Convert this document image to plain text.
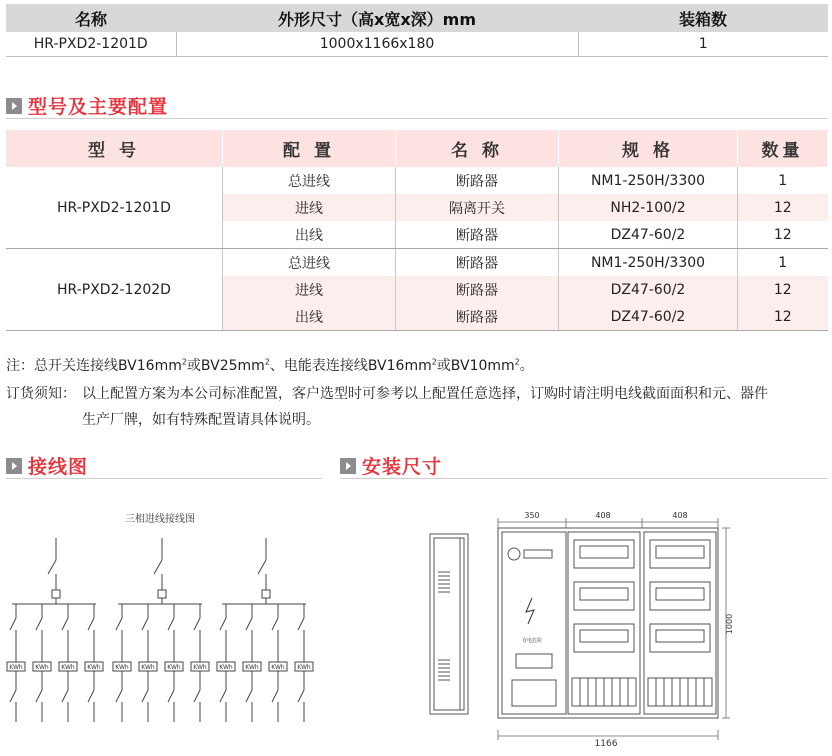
名称	外形尺寸（高x宽x深）mm	装箱数
HR-PXD2-1201D	1000x1166x180	1
型号及主要配置
型 号	配 置	名 称	规 格	数量
HR-PXD2-1201D	总进线	断路器	NM1-250H/3300	1
	进线	隔离开关	NH2-100/2	12
	出线	断路器	DZ47-60/2	12
HR-PXD2-1202D	总进线	断路器	NM1-250H/3300	1
	进线	断路器	DZ47-60/2	12
	出线	断路器	DZ47-60/2	12
注：总开关连接线$BV16mm^2$或$BV25mm^2$、电能表连接线$BV16mm^2$或$BV10mm^2$。
订货须知： 以上配置方案为本公司标准配置，客户选型时可参考以上配置任意选择，订购时请注明电线截面面积和元、器件
生产厂牌，如有特殊配置请具体说明。
接线图	安装尺寸
三相进线接线图
KWh KWh KWh KWh KWh KWh KWh KWh KWh KWh KWh KWh
350	408	408
1000
1166
有电危险
